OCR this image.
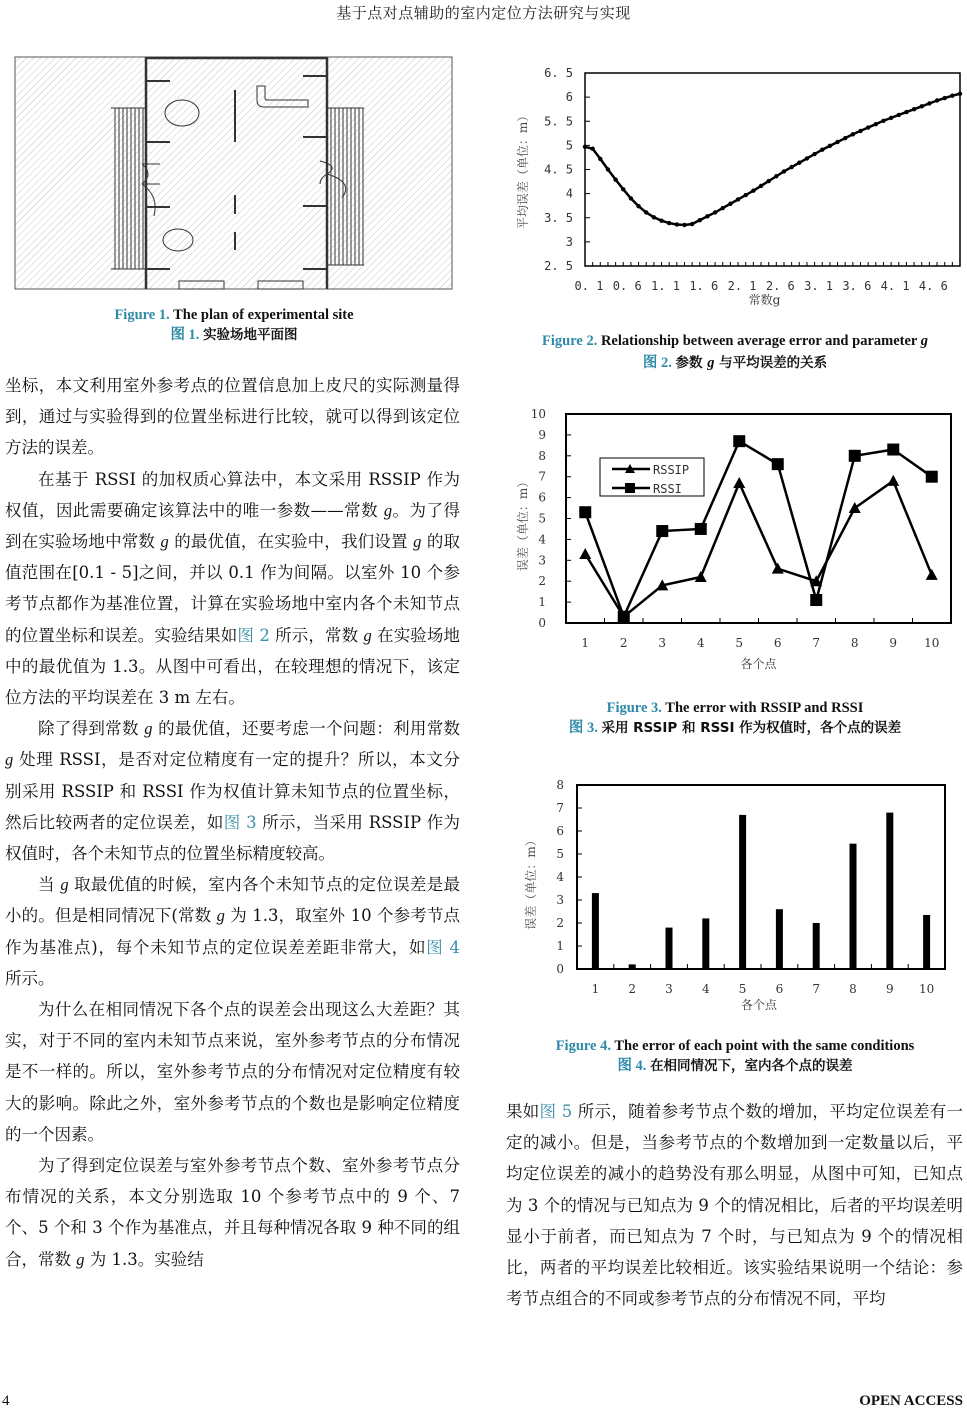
基于点对点辅助的室内定位方法研究与实现
Figure 1. The plan of experimental site
图 1. 实验场地平面图
2. 5
3
3. 5
4
4. 5
5
5. 5
6
6. 5
0. 1 0. 6 1. 1 1. 6 2. 1 2. 6 3. 1 3. 6 4. 1 4. 6
常数g
平均误差（单位：m）
Figure 2. Relationship between average error and parameter g
图 2. 参数 g 与平均误差的关系
0
1
2
3
4
5
6
7
8
9
10
1	2	3	4	5	6	7	8	9 10
各个点
误差（单位：m）
RSSIP
RSSI
Figure 3. The error with RSSIP and RSSI
图 3. 采用 RSSIP 和 RSSI 作为权值时，各个点的误差
0
1
2
3
4
5
6
7
8
1 2 3 4 5 6 7 8 9 10
各个点
误差（单位：m）
Figure 4. The error of each point with the same conditions
图 4. 在相同情况下，室内各个点的误差

坐标，本文利用室外参考点的位置信息加上皮尺的实际测量得到，通过与实验得到的位置坐标进行比较，就可以得到该定位方法的误差。

在基于 RSSI 的加权质心算法中，本文采用 RSSIP 作为权值，因此需要确定该算法中的唯一参数——常数 g。为了得到在实验场地中常数 g 的最优值，在实验中，我们设置 g 的取值范围在[0.1 - 5]之间，并以 0.1 作为间隔。以室外 10 个参考节点都作为基准位置，计算在实验场地中室内各个未知节点的位置坐标和误差。实验结果如图 2 所示，常数 g 在实验场地中的最优值为 1.3。从图中可看出，在较理想的情况下，该定位方法的平均误差在 3 m 左右。

除了得到常数 g 的最优值，还要考虑一个问题：利用常数 g 处理 RSSI，是否对定位精度有一定的提升？所以，本文分别采用 RSSIP 和 RSSI 作为权值计算未知节点的位置坐标，然后比较两者的定位误差，如图 3 所示，当采用 RSSIP 作为权值时，各个未知节点的位置坐标精度较高。

当 g 取最优值的时候，室内各个未知节点的定位误差是最小的。但是相同情况下(常数 g 为 1.3，取室外 10 个参考节点作为基准点)，每个未知节点的定位误差差距非常大，如图 4 所示。

为什么在相同情况下各个点的误差会出现这么大差距？其实，对于不同的室内未知节点来说，室外参考节点的分布情况是不一样的。所以，室外参考节点的分布情况对定位精度有较大的影响。除此之外，室外参考节点的个数也是影响定位精度的一个因素。

为了得到定位误差与室外参考节点个数、室外参考节点分布情况的关系，本文分别选取 10 个参考节点中的 9 个、7 个、5 个和 3 个作为基准点，并且每种情况各取 9 种不同的组合，常数 g 为 1.3。实验结

果如图 5 所示，随着参考节点个数的增加，平均定位误差有一定的减小。但是，当参考节点的个数增加到一定数量以后，平均定位误差的减小的趋势没有那么明显，从图中可知，已知点为 3 个的情况与已知点为 9 个的情况相比，后者的平均误差明显小于前者，而已知点为 7 个时，与已知点为 9 个的情况相比，两者的平均误差比较相近。该实验结果说明一个结论：参考节点组合的不同或参考节点的分布情况不同，平均

4	OPEN ACCESS
